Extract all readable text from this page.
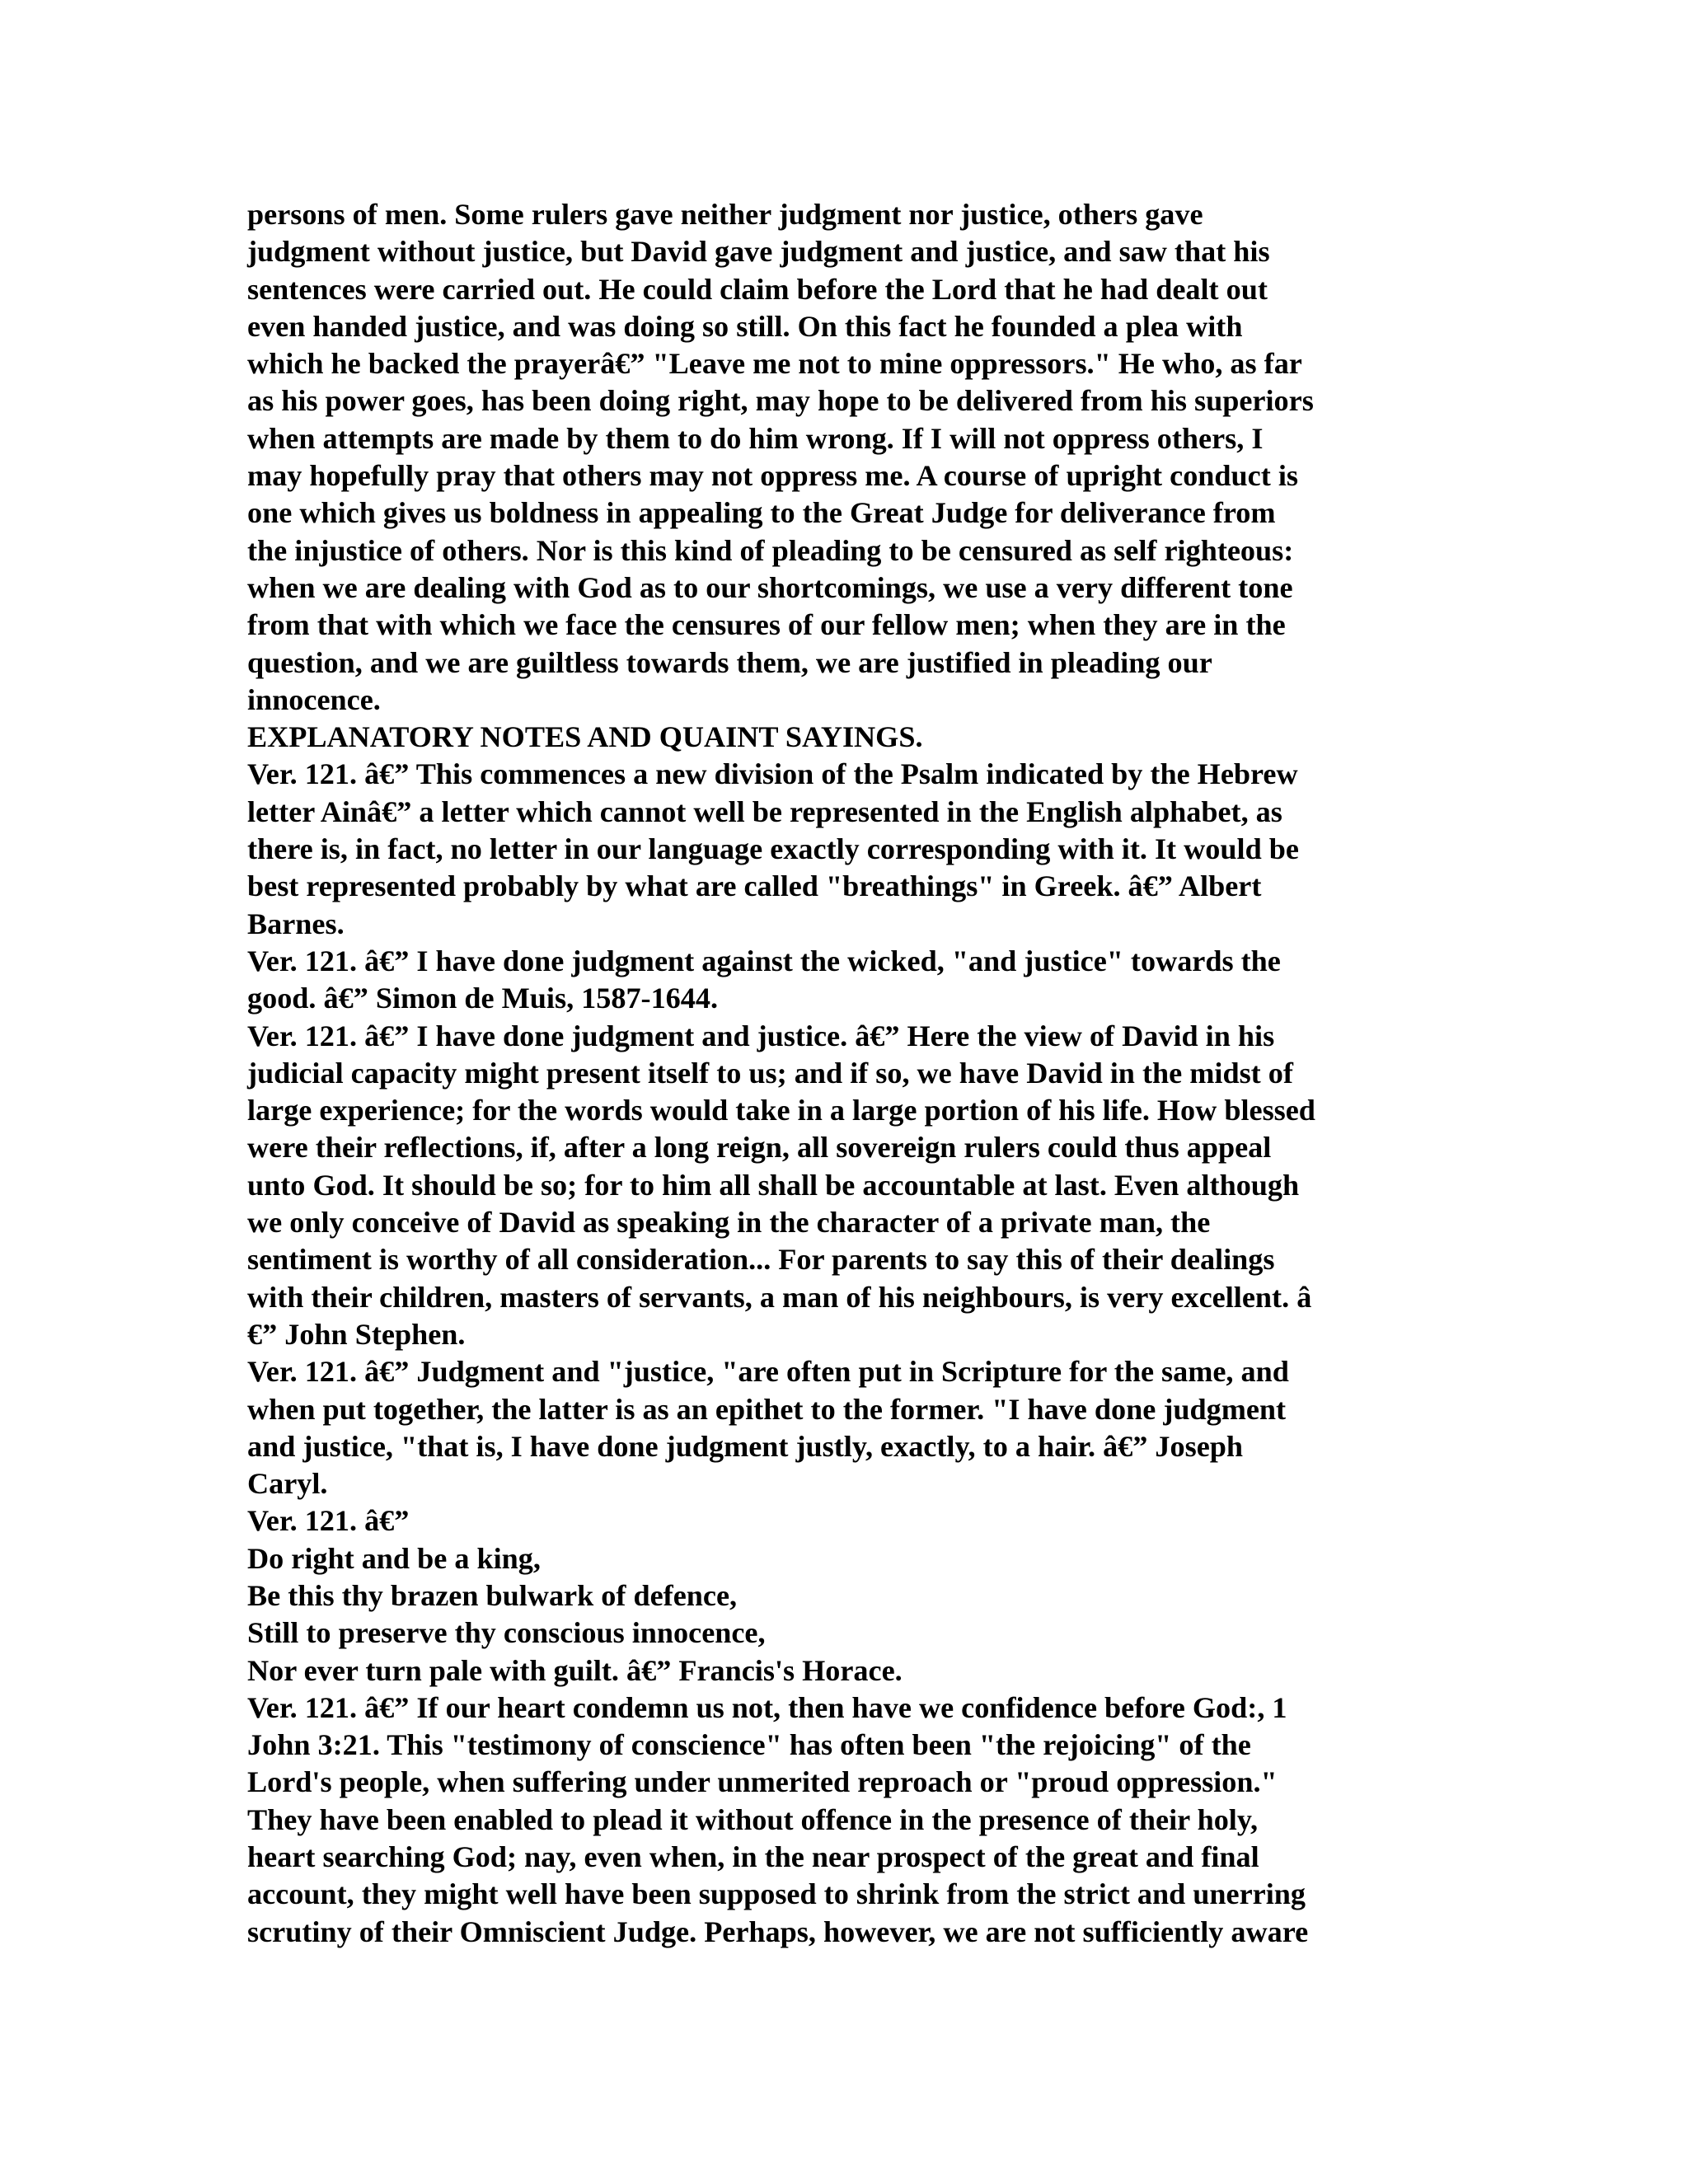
persons of men. Some rulers gave neither judgment nor justice, others gave
judgment without justice, but David gave judgment and justice, and saw that his
sentences were carried out. He could claim before the Lord that he had dealt out
even handed justice, and was doing so still. On this fact he founded a plea with
which he backed the prayerâ€” "Leave me not to mine oppressors." He who, as far
as his power goes, has been doing right, may hope to be delivered from his superiors
when attempts are made by them to do him wrong. If I will not oppress others, I
may hopefully pray that others may not oppress me. A course of upright conduct is
one which gives us boldness in appealing to the Great Judge for deliverance from
the injustice of others. Nor is this kind of pleading to be censured as self righteous:
when we are dealing with God as to our shortcomings, we use a very different tone
from that with which we face the censures of our fellow men; when they are in the
question, and we are guiltless towards them, we are justified in pleading our
innocence.
EXPLANATORY NOTES AND QUAINT SAYINGS.
Ver. 121. â€” This commences a new division of the Psalm indicated by the Hebrew
letter Ainâ€” a letter which cannot well be represented in the English alphabet, as
there is, in fact, no letter in our language exactly corresponding with it. It would be
best represented probably by what are called "breathings" in Greek. â€” Albert
Barnes.
Ver. 121. â€” I have done judgment against the wicked, "and justice" towards the
good. â€” Simon de Muis, 1587-1644.
Ver. 121. â€” I have done judgment and justice. â€” Here the view of David in his
judicial capacity might present itself to us; and if so, we have David in the midst of
large experience; for the words would take in a large portion of his life. How blessed
were their reflections, if, after a long reign, all sovereign rulers could thus appeal
unto God. It should be so; for to him all shall be accountable at last. Even although
we only conceive of David as speaking in the character of a private man, the
sentiment is worthy of all consideration... For parents to say this of their dealings
with their children, masters of servants, a man of his neighbours, is very excellent. â
€” John Stephen.
Ver. 121. â€” Judgment and "justice, "are often put in Scripture for the same, and
when put together, the latter is as an epithet to the former. "I have done judgment
and justice, "that is, I have done judgment justly, exactly, to a hair. â€” Joseph
Caryl.
Ver. 121. â€”
Do right and be a king,
Be this thy brazen bulwark of defence,
Still to preserve thy conscious innocence,
Nor ever turn pale with guilt. â€” Francis's Horace.
Ver. 121. â€” If our heart condemn us not, then have we confidence before God:, 1
John 3:21. This "testimony of conscience" has often been "the rejoicing" of the
Lord's people, when suffering under unmerited reproach or "proud oppression."
They have been enabled to plead it without offence in the presence of their holy,
heart searching God; nay, even when, in the near prospect of the great and final
account, they might well have been supposed to shrink from the strict and unerring
scrutiny of their Omniscient Judge. Perhaps, however, we are not sufficiently aware
